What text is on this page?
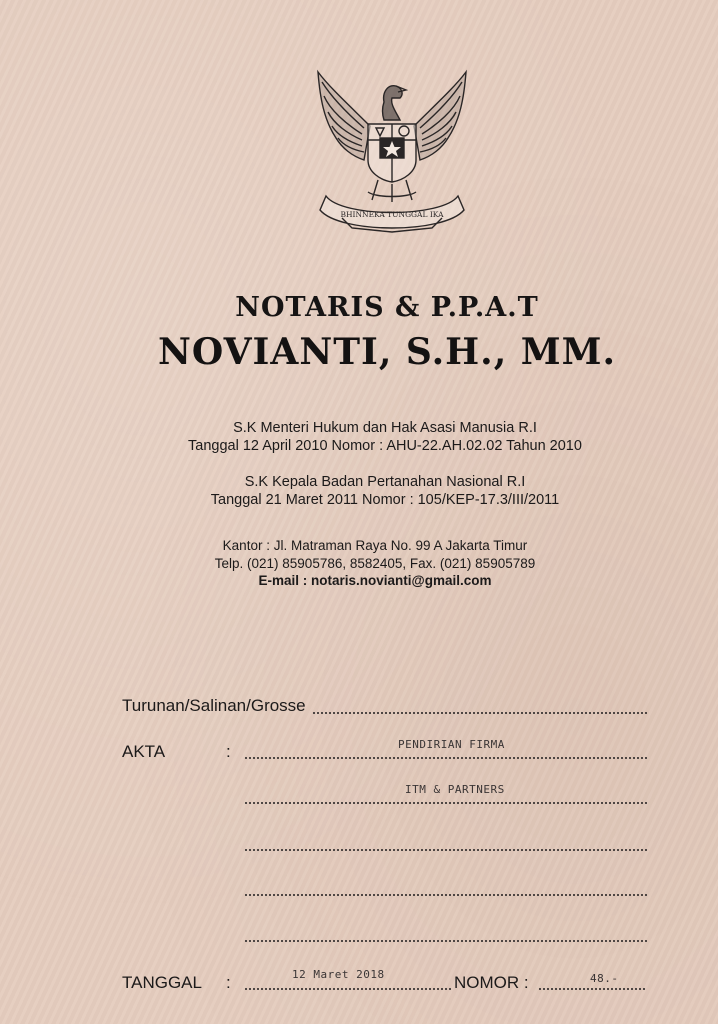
BHINNEKA TUNGGAL IKA
NOTARIS & P.P.A.T
NOVIANTI, S.H., MM.
S.K Menteri Hukum dan Hak Asasi Manusia R.I
Tanggal 12 April 2010 Nomor : AHU-22.AH.02.02 Tahun 2010
S.K Kepala Badan Pertanahan Nasional R.I
Tanggal 21 Maret 2011 Nomor : 105/KEP-17.3/III/2011
Kantor : Jl. Matraman Raya No. 99 A Jakarta Timur
Telp. (021) 85905786, 8582405, Fax. (021) 85905789
E-mail : notaris.novianti@gmail.com
Turunan/Salinan/Grosse
AKTA	:	PENDIRIAN FIRMA
ITM & PARTNERS
TANGGAL :	12 Maret 2018	NOMOR :	48.-
